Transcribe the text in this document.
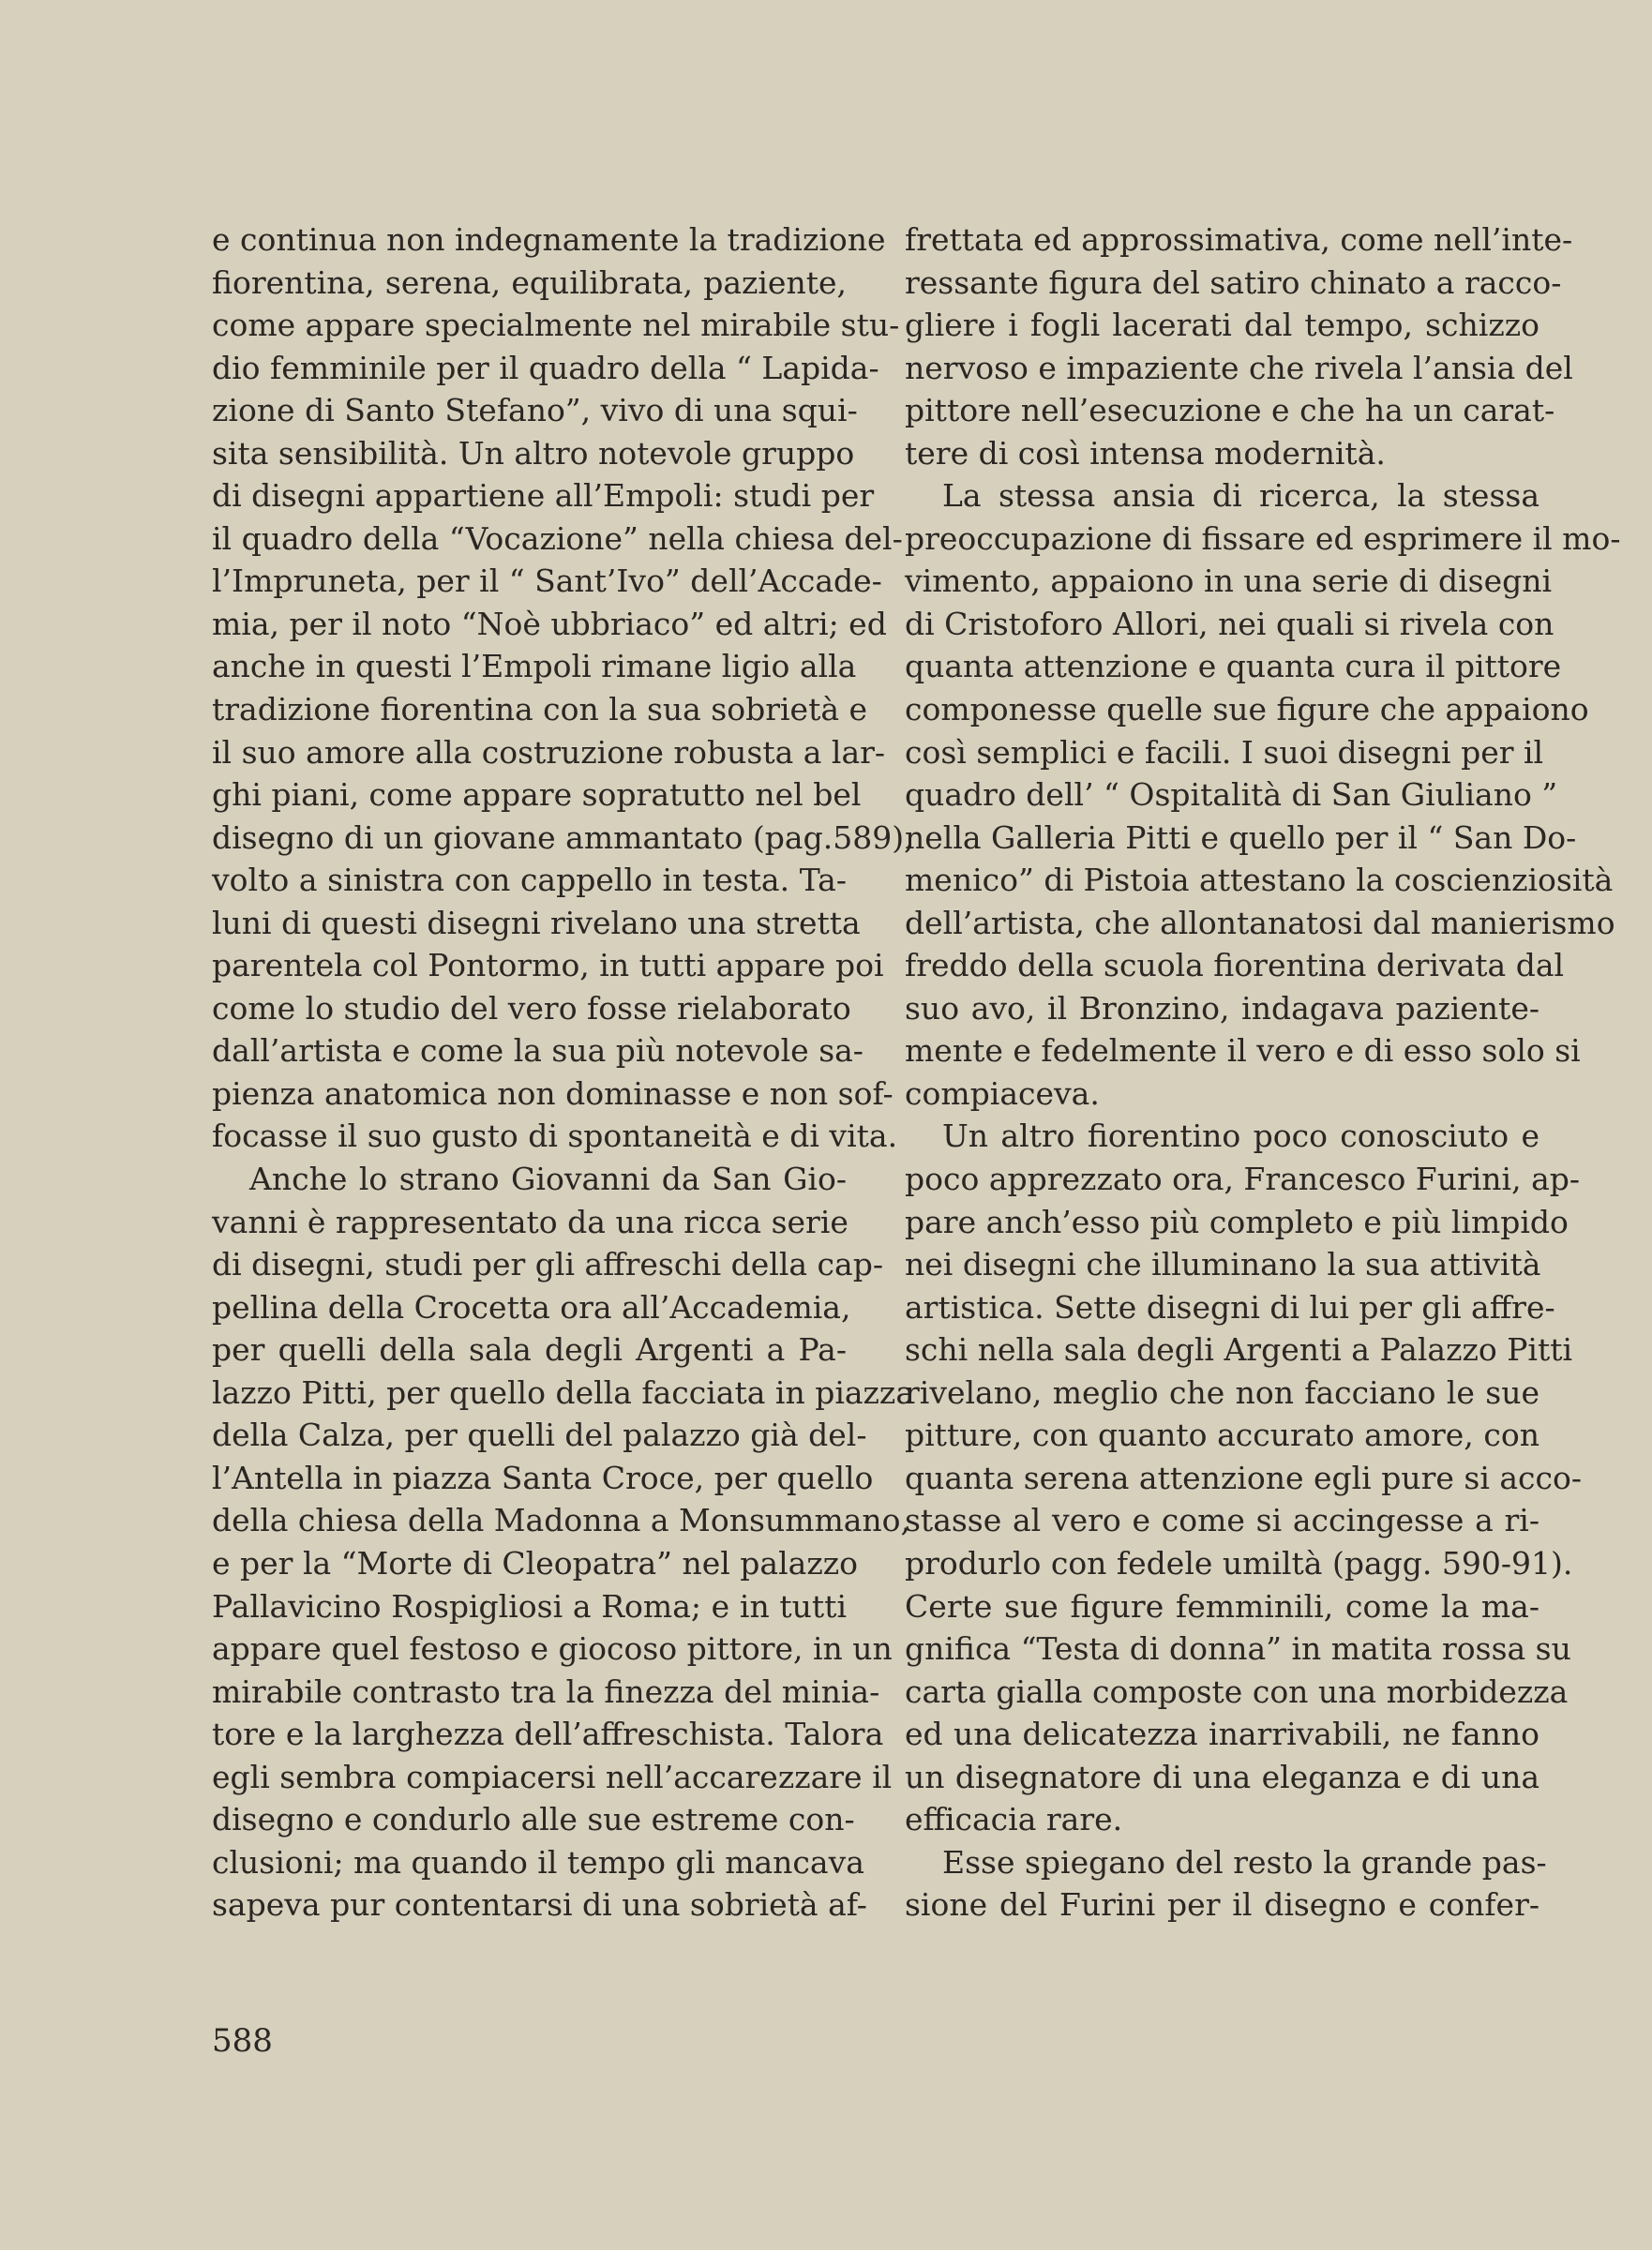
e continua non indegnamente la tradizione
fiorentina, serena, equilibrata, paziente,
come appare specialmente nel mirabile stu-
dio femminile per il quadro della “ Lapida-
zione di Santo Stefano”, vivo di una squi-
sita sensibilità. Un altro notevole gruppo
di disegni appartiene all’Empoli: studi per
il quadro della “Vocazione” nella chiesa del-
l’Impruneta, per il “ Sant’Ivo” dell’Accade-
mia, per il noto “Noè ubbriaco” ed altri; ed
anche in questi l’Empoli rimane ligio alla
tradizione fiorentina con la sua sobrietà e
il suo amore alla costruzione robusta a lar-
ghi piani, come appare sopratutto nel bel
disegno di un giovane ammantato (pag.589),
volto a sinistra con cappello in testa. Ta-
luni di questi disegni rivelano una stretta
parentela col Pontormo, in tutti appare poi
come lo studio del vero fosse rielaborato
dall’artista e come la sua più notevole sa-
pienza anatomica non dominasse e non sof-
focasse il suo gusto di spontaneità e di vita.
Anche lo strano Giovanni da San Gio-
vanni è rappresentato da una ricca serie
di disegni, studi per gli affreschi della cap-
pellina della Crocetta ora all’Accademia,
per quelli della sala degli Argenti a Pa-
lazzo Pitti, per quello della facciata in piazza
della Calza, per quelli del palazzo già del-
l’Antella in piazza Santa Croce, per quello
della chiesa della Madonna a Monsummano,
e per la “Morte di Cleopatra” nel palazzo
Pallavicino Rospigliosi a Roma; e in tutti
appare quel festoso e giocoso pittore, in un
mirabile contrasto tra la finezza del minia-
tore e la larghezza dell’affreschista. Talora
egli sembra compiacersi nell’accarezzare il
disegno e condurlo alle sue estreme con-
clusioni; ma quando il tempo gli mancava
sapeva pur contentarsi di una sobrietà af-
frettata ed approssimativa, come nell’inte-
ressante figura del satiro chinato a racco-
gliere i fogli lacerati dal tempo, schizzo
nervoso e impaziente che rivela l’ansia del
pittore nell’esecuzione e che ha un carat-
tere di così intensa modernità.
La stessa ansia di ricerca, la stessa
preoccupazione di fissare ed esprimere il mo-
vimento, appaiono in una serie di disegni
di Cristoforo Allori, nei quali si rivela con
quanta attenzione e quanta cura il pittore
componesse quelle sue figure che appaiono
così semplici e facili. I suoi disegni per il
quadro dell’ “ Ospitalità di San Giuliano ”
nella Galleria Pitti e quello per il “ San Do-
menico” di Pistoia attestano la coscienziosità
dell’artista, che allontanatosi dal manierismo
freddo della scuola fiorentina derivata dal
suo avo, il Bronzino, indagava paziente-
mente e fedelmente il vero e di esso solo si
compiaceva.
Un altro fiorentino poco conosciuto e
poco apprezzato ora, Francesco Furini, ap-
pare anch’esso più completo e più limpido
nei disegni che illuminano la sua attività
artistica. Sette disegni di lui per gli affre-
schi nella sala degli Argenti a Palazzo Pitti
rivelano, meglio che non facciano le sue
pitture, con quanto accurato amore, con
quanta serena attenzione egli pure si acco-
stasse al vero e come si accingesse a ri-
produrlo con fedele umiltà (pagg. 590-91).
Certe sue figure femminili, come la ma-
gnifica “Testa di donna” in matita rossa su
carta gialla composte con una morbidezza
ed una delicatezza inarrivabili, ne fanno
un disegnatore di una eleganza e di una
efficacia rare.
Esse spiegano del resto la grande pas-
sione del Furini per il disegno e confer-
588
